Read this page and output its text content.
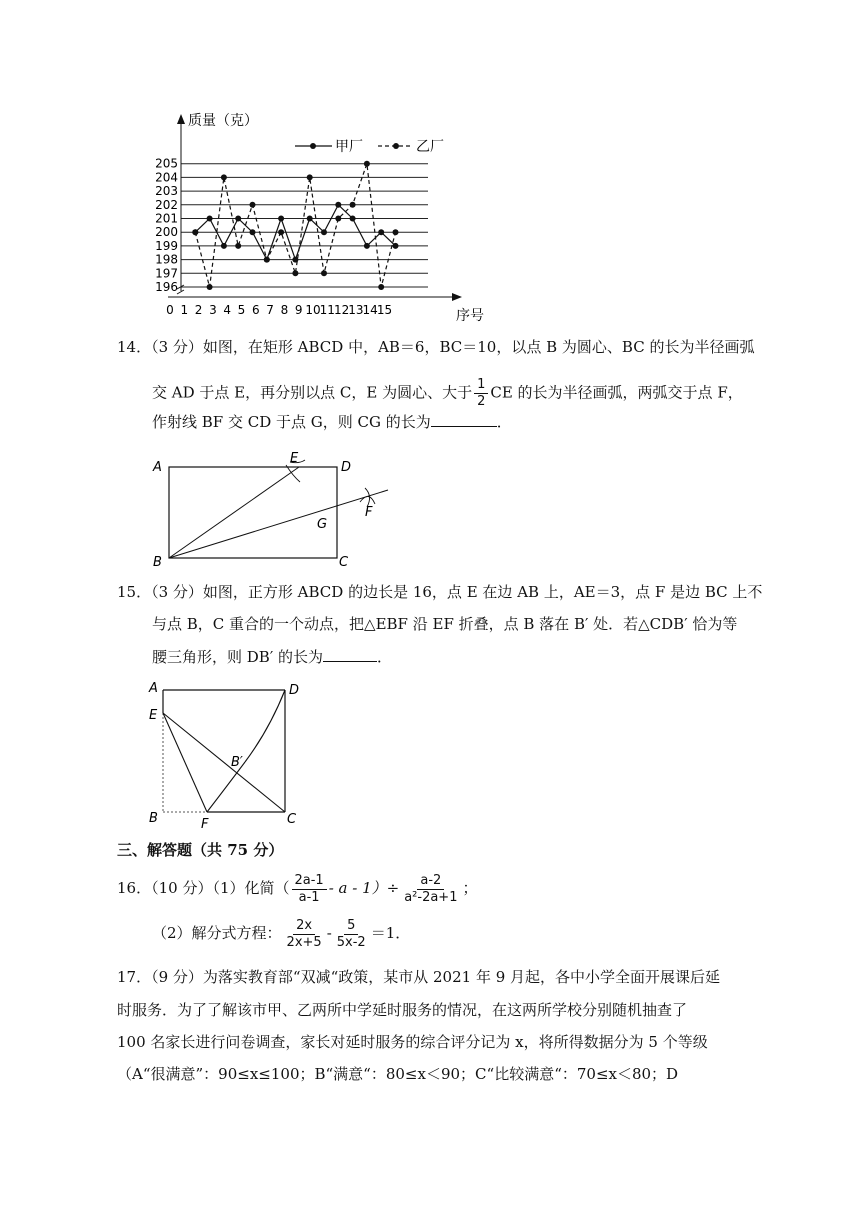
196
197
198
199
200
201
202
203
204
205
0 1 2 3 4 5 6 7 8 9 10 11 12 13 14 15
质量（克）
序号
甲厂	乙厂
14．（3 分）如图，在矩形 ABCD 中，AB＝6，BC＝10，以点 B 为圆心、BC 的长为半径画弧
交 AD 于点 E，再分别以点 C，E 为圆心、大于 $\frac{1}{2}$ CE 的长为半径画弧，两弧交于点 F，
作射线 BF 交 CD 于点 G，则 CG 的长为	．
A	D
B	C
E
F
G
15．（3 分）如图，正方形 ABCD 的边长是 16，点 E 在边 AB 上，AE＝3，点 F 是边 BC 上不
与点 B，C 重合的一个动点，把△EBF 沿 EF 折叠，点 B 落在 B′ 处．若△CDB′ 恰为等
腰三角形，则 DB′ 的长为	．
A	D
E
B	C
F
B′
三、解答题（共 75 分）
16．（10 分）（1）化简（ $\frac{2a-1}{a-1} - a - 1)\div \frac{a-2}{\text{a²-2a+1}}$ ；
（2）解分式方程： $\frac{2x}{2x+5} - \frac{5}{5x-2} =1$．
17．（9 分）为落实教育部“双减“政策，某市从 2021 年 9 月起，各中小学全面开展课后延
时服务．为了了解该市甲、乙两所中学延时服务的情况，在这两所学校分别随机抽查了
100 名家长进行问卷调查，家长对延时服务的综合评分记为 x，将所得数据分为 5 个等级
（A“很满意”：90≤x≤100；B“满意“：80≤x＜90；C“比较满意“：70≤x＜80；D
